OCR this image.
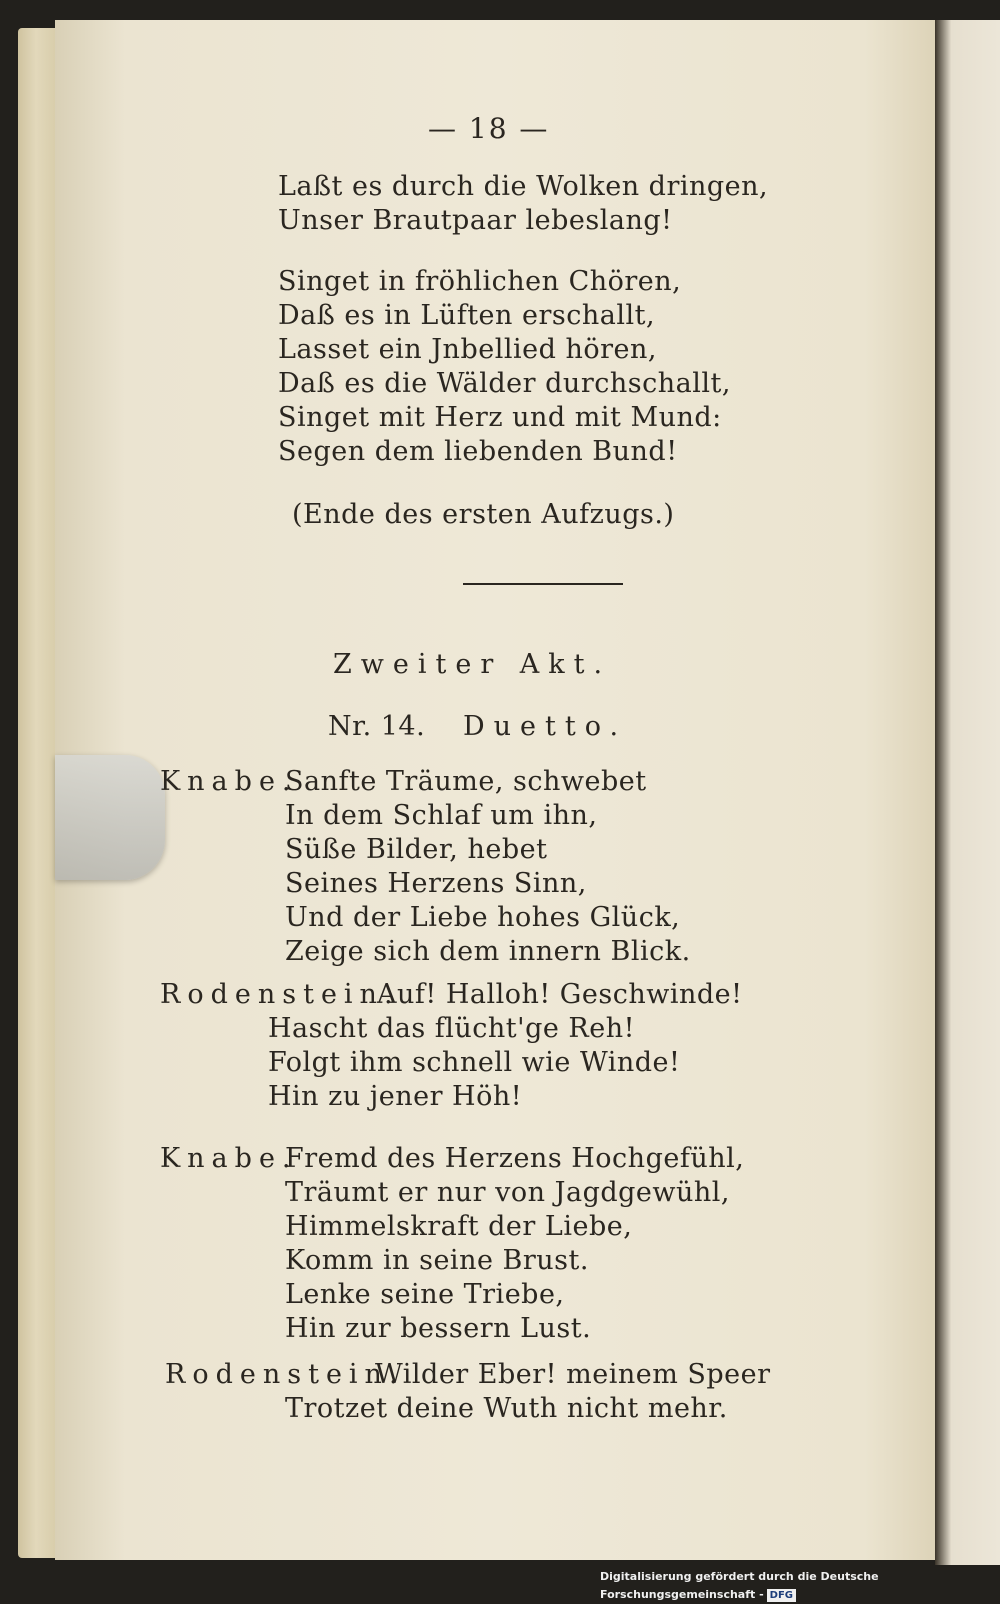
— 18 —
Laßt es durch die Wolken dringen,
Unser Brautpaar lebeslang!
Singet in fröhlichen Chören,
Daß es in Lüften erschallt,
Lasset ein Jnbellied hören,
Daß es die Wälder durchschallt,
Singet mit Herz und mit Mund:
Segen dem liebenden Bund!
(Ende des ersten Aufzugs.)
Zweiter Akt.
Nr. 14. Duetto.
Knabe.
Sanfte Träume, schwebet
In dem Schlaf um ihn,
Süße Bilder, hebet
Seines Herzens Sinn,
Und der Liebe hohes Glück,
Zeige sich dem innern Blick.
Rodenstein.
Auf! Halloh! Geschwinde!
Hascht das flücht'ge Reh!
Folgt ihm schnell wie Winde!
Hin zu jener Höh!
Knabe.
Fremd des Herzens Hochgefühl,
Träumt er nur von Jagdgewühl,
Himmelskraft der Liebe,
Komm in seine Brust.
Lenke seine Triebe,
Hin zur bessern Lust.
Rodenstein.
Wilder Eber! meinem Speer
Trotzet deine Wuth nicht mehr.
Digitalisierung gefördert durch die Deutsche Forschungsgemeinschaft - DFG
